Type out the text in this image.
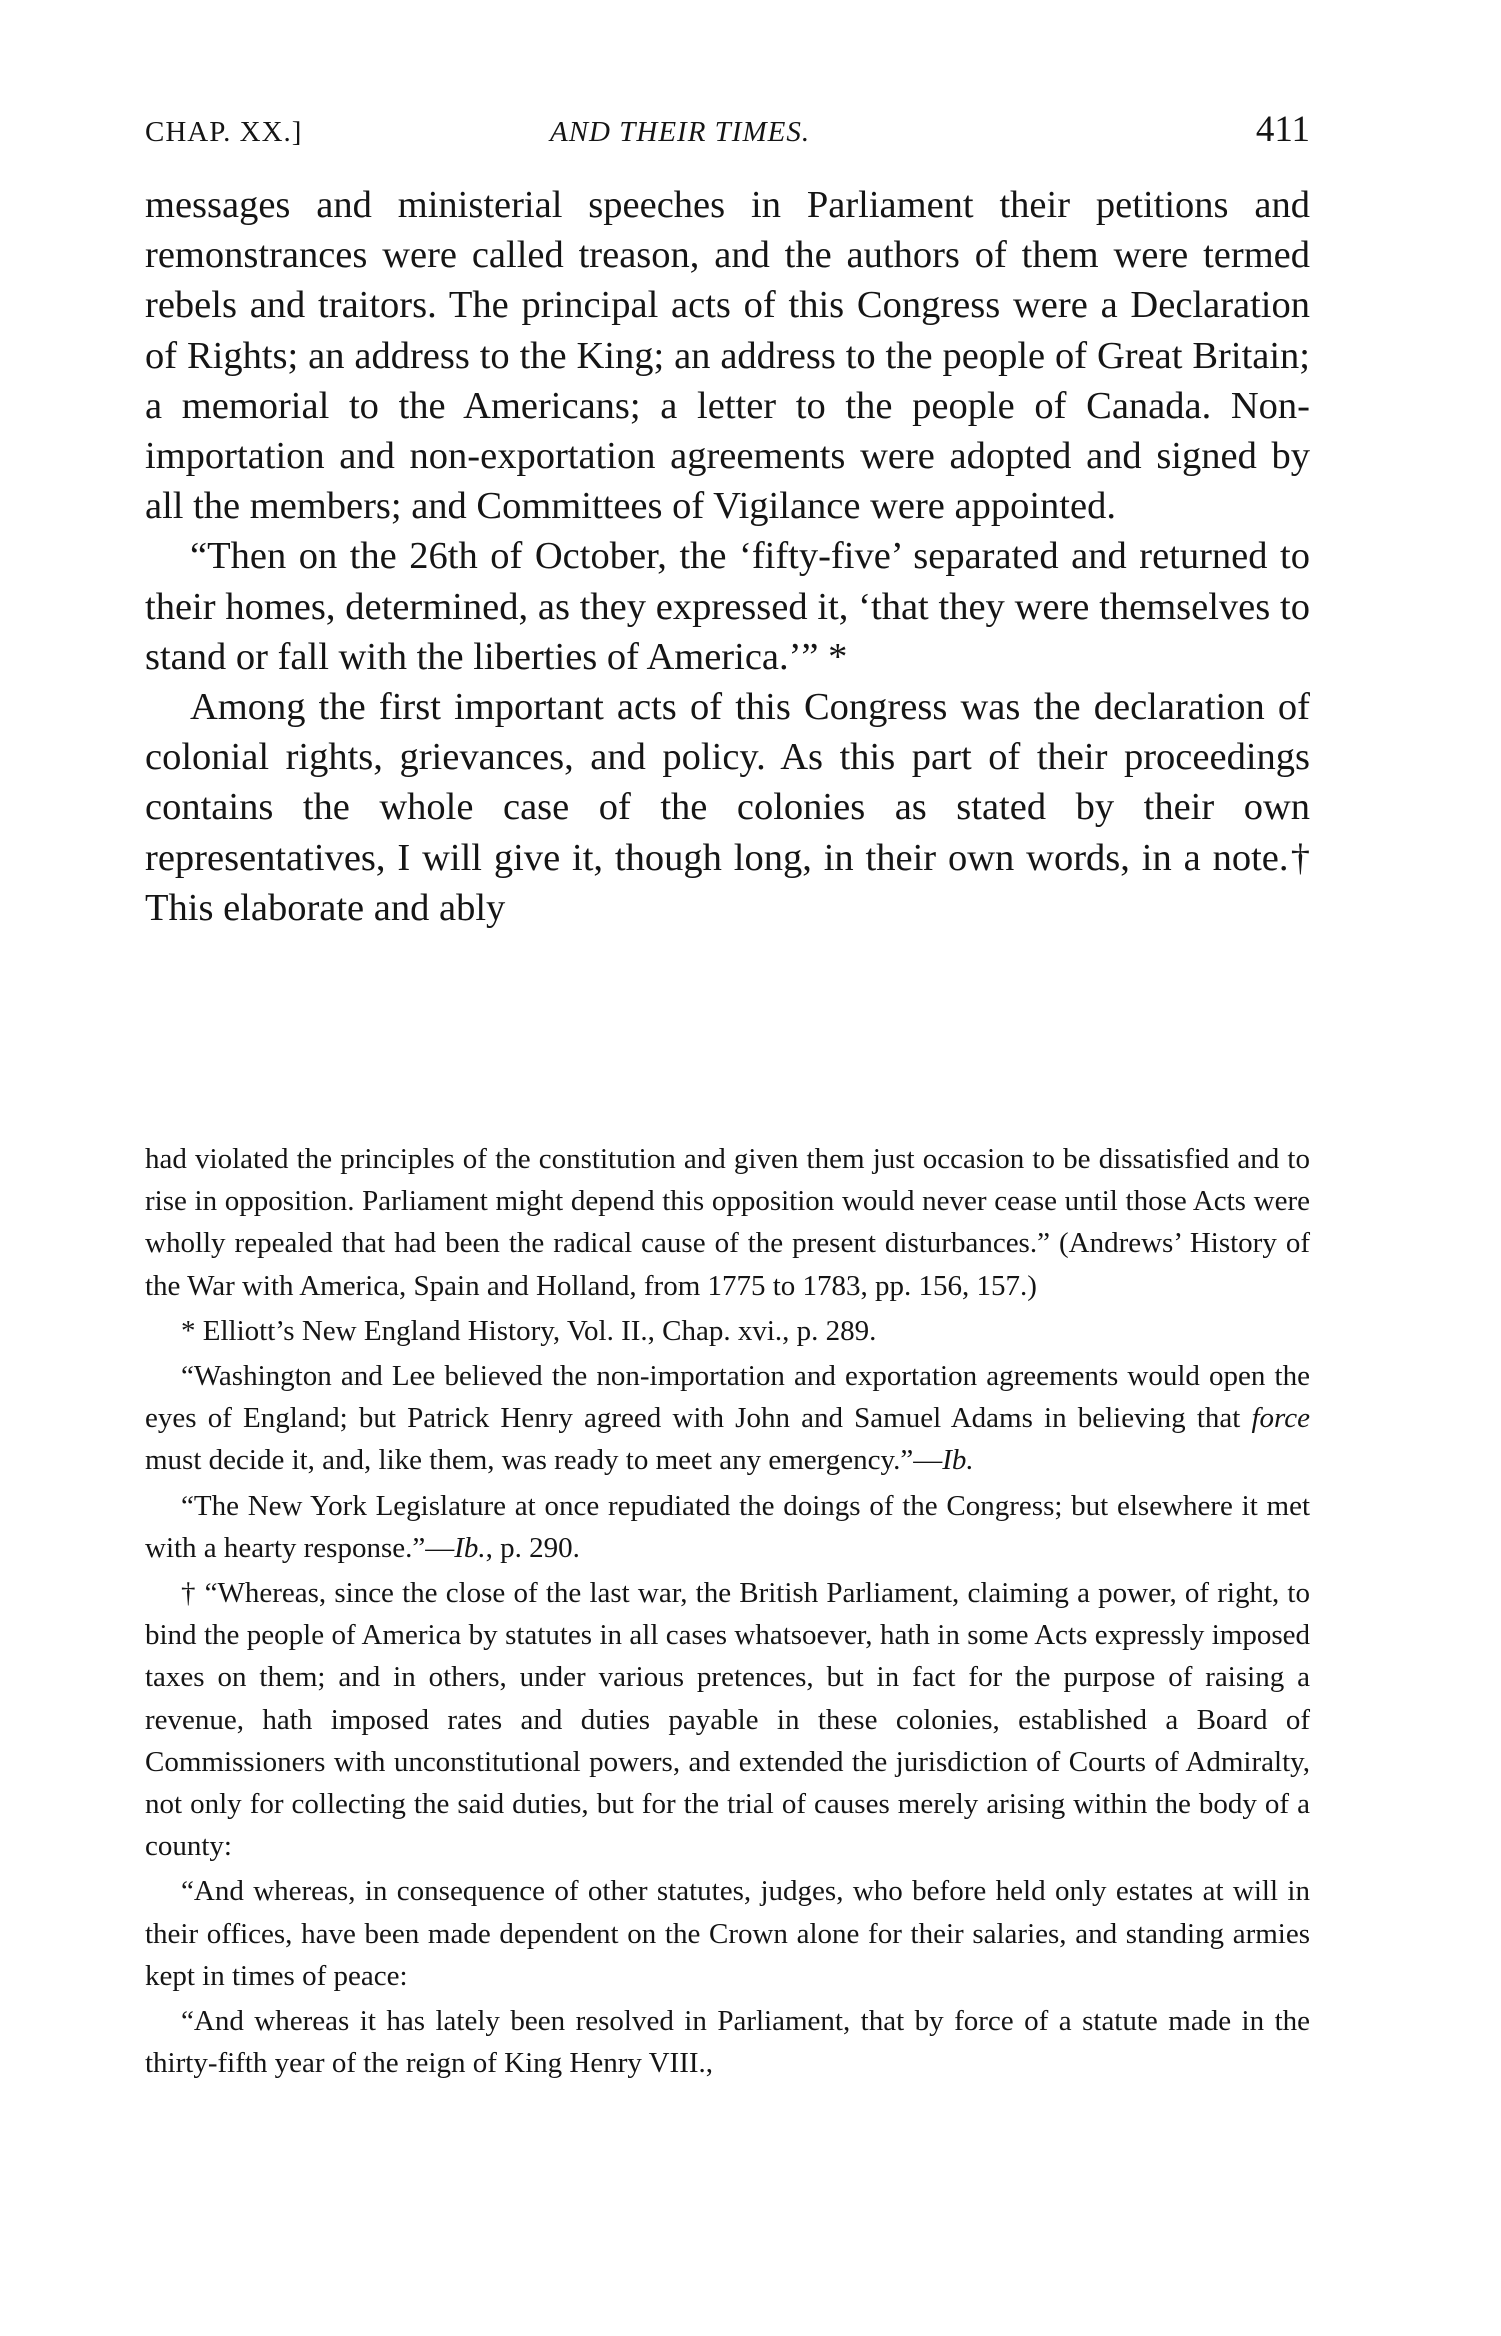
CHAP. XX.]	AND THEIR TIMES.	411

messages and ministerial speeches in Parliament their petitions and remonstrances were called treason, and the authors of them were termed rebels and traitors. The principal acts of this Congress were a Declaration of Rights; an address to the King; an address to the people of Great Britain; a memorial to the Americans; a letter to the people of Canada. Non-importation and non-exportation agreements were adopted and signed by all the members; and Committees of Vigilance were appointed.

“Then on the 26th of October, the ‘fifty-five’ separated and returned to their homes, determined, as they expressed it, ‘that they were themselves to stand or fall with the liberties of America.’” *

Among the first important acts of this Congress was the declaration of colonial rights, grievances, and policy. As this part of their proceedings contains the whole case of the colonies as stated by their own representatives, I will give it, though long, in their own words, in a note.† This elaborate and ably

had violated the principles of the constitution and given them just occasion to be dissatisfied and to rise in opposition. Parliament might depend this opposition would never cease until those Acts were wholly repealed that had been the radical cause of the present disturbances.” (Andrews’ History of the War with America, Spain and Holland, from 1775 to 1783, pp. 156, 157.)

* Elliott’s New England History, Vol. II., Chap. xvi., p. 289.

“Washington and Lee believed the non-importation and exportation agreements would open the eyes of England; but Patrick Henry agreed with John and Samuel Adams in believing that force must decide it, and, like them, was ready to meet any emergency.”—Ib.

“The New York Legislature at once repudiated the doings of the Congress; but elsewhere it met with a hearty response.”—Ib., p. 290.

† “Whereas, since the close of the last war, the British Parliament, claiming a power, of right, to bind the people of America by statutes in all cases whatsoever, hath in some Acts expressly imposed taxes on them; and in others, under various pretences, but in fact for the purpose of raising a revenue, hath imposed rates and duties payable in these colonies, established a Board of Commissioners with unconstitutional powers, and extended the jurisdiction of Courts of Admiralty, not only for collecting the said duties, but for the trial of causes merely arising within the body of a county:

“And whereas, in consequence of other statutes, judges, who before held only estates at will in their offices, have been made dependent on the Crown alone for their salaries, and standing armies kept in times of peace:

“And whereas it has lately been resolved in Parliament, that by force of a statute made in the thirty-fifth year of the reign of King Henry VIII.,
